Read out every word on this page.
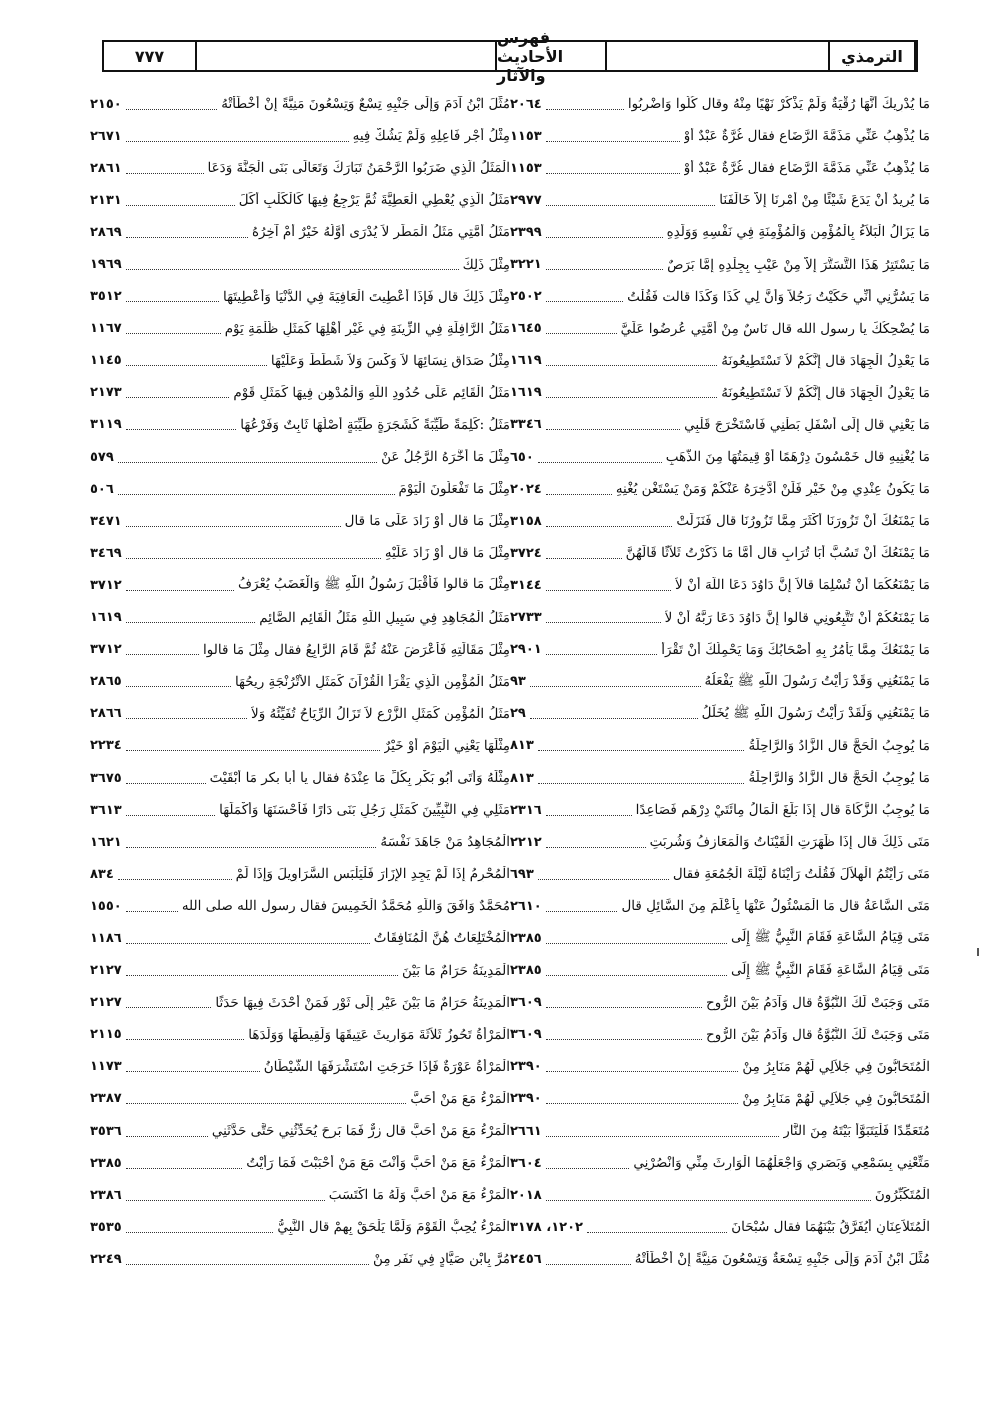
٧٧٧
فهرس الأحاديث والآثار
الترمذي
مَا يُدْرِيكَ أَنَّهَا رُقْيَةٌ وَلَمْ يَذْكُرْ نَهْيًا مِنْهُ وقال كُلُوا وَاضْرِبُوا
٢٠٦٤
مَا يُذْهِبُ عَنِّي مَذَمَّةَ الرَّضَاعِ فقال غُرَّةٌ عَبْدٌ أَوْ
١١٥٣
مَا يُذْهِبُ عَنِّي مَذَمَّةَ الرَّضَاعِ فقال غُرَّةٌ عَبْدٌ أَوْ
١١٥٣
مَا يُرِيدُ أَنْ يَدَعَ شَيْئًا مِنْ أَمْرِنَا إِلاَّ خَالَفَنَا
٢٩٧٧
مَا يَزَالُ الْبَلاَءُ بِالْمُؤْمِنِ وَالْمُؤْمِنَةِ فِي نَفْسِهِ وَوَلَدِهِ
٢٣٩٩
مَا يَسْتَتِرُ هَذَا التَّسَتُّرَ إِلاَّ مِنْ عَيْبٍ بِجِلْدِهِ إِمَّا بَرَصٌ
٣٢٢١
مَا يَسُرُّنِي أَنِّي حَكَيْتُ رَجُلاً وَأَنَّ لِي كَذَا وَكَذَا قالت فَقُلْتُ
٢٥٠٢
مَا يُضْحِكُكَ يا رسول الله قال نَاسٌ مِنْ أُمَّتِي عُرِضُوا عَلَيَّ
١٦٤٥
مَا يَعْدِلُ الْجِهَادَ قال إِنَّكُمْ لاَ تَسْتَطِيعُونَهُ
١٦١٩
مَا يَعْدِلُ الْجِهَادَ قال إِنَّكُمْ لاَ تَسْتَطِيعُونَهُ
١٦١٩
مَا يَعْنِي قال إِلَى أَسْفَلِ بَطْنِي فَاسْتَخْرَجَ قَلْبِي
٣٣٤٦
مَا يُغْنِيهِ قال خَمْسُونَ دِرْهَمًا أَوْ قِيمَتُهَا مِنَ الذَّهَبِ
٦٥٠
مَا يَكُونُ عِنْدِي مِنْ خَيْرٍ فَلَنْ أَدَّخِرَهُ عَنْكُمْ وَمَنْ يَسْتَغْنِ يُغْنِهِ
٢٠٢٤
مَا يَمْنَعُكَ أَنْ تَزُورَنَا أَكْثَرَ مِمَّا تَزُورُنَا قال فَنَزَلَتْ
٣١٥٨
مَا يَمْنَعُكَ أَنْ تَسُبَّ أَبَا تُرَابٍ قال أَمَّا مَا ذَكَرْتُ ثَلاَثًا قَالَهُنَّ
٣٧٢٤
مَا يَمْنَعُكُمَا أَنْ تُسْلِمَا قالاَ إِنَّ دَاوُدَ دَعَا اللَّهَ أَنْ لاَ
٣١٤٤
مَا يَمْنَعُكُمْ أَنْ تَتَّبِعُونِي قالوا إِنَّ دَاوُدَ دَعَا رَبَّهُ أَنْ لاَ
٢٧٣٣
مَا يَمْنَعُكَ مِمَّا يَأْمُرُ بِهِ أَصْحَابُكَ وَمَا يَحْمِلُكَ أَنْ تَقْرَأَ
٢٩٠١
مَا يَمْنَعُنِي وَقَدْ رَأَيْتُ رَسُولَ اللَّهِ ﷺ يَفْعَلُهُ
٩٣
مَا يَمْنَعُنِي وَلَقَدْ رَأَيْتُ رَسُولَ اللَّهِ ﷺ يُخَلِّلُ
٢٩
مَا يُوجِبُ الْحَجَّ قال الزَّادُ وَالرَّاحِلَةُ
٨١٣
مَا يُوجِبُ الْحَجَّ قال الزَّادُ وَالرَّاحِلَةُ
٨١٣
مَا يُوجِبُ الزَّكَاةَ قال إِذَا بَلَغَ الْمَالُ مِائَتَيْ دِرْهَمٍ فَصَاعِدًا
٢٣١٦
مَتَى ذَلِكَ قال إِذَا ظَهَرَتِ الْقَيْنَاتُ وَالْمَعَازِفُ وَشُرِبَتِ
٢٢١٢
مَتَى رَأَيْتُمُ الْهِلاَلَ فَقُلْتُ رَأَيْنَاهُ لَيْلَةَ الْجُمُعَةِ فقال
٦٩٣
مَتَى السَّاعَةُ قال مَا الْمَسْئُولُ عَنْهَا بِأَعْلَمَ مِنَ السَّائِلِ قال
٢٦١٠
مَتَى قِيَامُ السَّاعَةِ فَقَامَ النَّبِيُّ ﷺ إِلَى
٢٣٨٥
مَتَى قِيَامُ السَّاعَةِ فَقَامَ النَّبِيُّ ﷺ إِلَى
٢٣٨٥
مَتَى وَجَبَتْ لَكَ النُّبُوَّةُ قال وَآدَمُ بَيْنَ الرُّوحِ
٣٦٠٩
مَتَى وَجَبَتْ لَكَ النُّبُوَّةُ قال وَآدَمُ بَيْنَ الرُّوحِ
٣٦٠٩
الْمُتَحَابُّونَ فِي جَلاَلِي لَهُمْ مَنَابِرُ مِنْ
٢٣٩٠
الْمُتَحَابُّونَ فِي جَلاَلِي لَهُمْ مَنَابِرُ مِنْ
٢٣٩٠
مُتَعَمِّدًا فَلْيَتَبَوَّأْ بَيْتَهُ مِنَ النَّارِ
٢٦٦١
مَتِّعْنِي بِسَمْعِي وَبَصَرِي وَاجْعَلْهُمَا الْوَارِثَ مِنِّي وَانْصُرْنِي
٣٦٠٤
الْمُتَكَبِّرُونَ
٢٠١٨
الْمُتَلاَعِنَانِ أَيُفَرَّقُ بَيْنَهُمَا فقال سُبْحَانَ
١٢٠٢، ٣١٧٨
مُثِّلَ ابْنُ آدَمَ وَإِلَى جَنْبِهِ تِسْعَةٌ وَتِسْعُونَ مَنِيَّةً إِنْ أَخْطَأَتْهُ
٢٤٥٦
مُثِّلَ ابْنُ آدَمَ وَإِلَى جَنْبِهِ تِسْعٌ وَتِسْعُونَ مَنِيَّةً إِنْ أَخْطَأَتْهُ
٢١٥٠
مِثْلُ أَجْرِ فَاعِلِهِ وَلَمْ يَشُكَّ فِيهِ
٢٦٧١
الْمَثَلُ الَّذِي ضَرَبُوا الرَّحْمَنُ تَبَارَكَ وَتَعَالَى بَنَى الْجَنَّةَ وَدَعَا
٢٨٦١
مَثَلُ الَّذِي يُعْطِي الْعَطِيَّةَ ثُمَّ يَرْجِعُ فِيهَا كَالْكَلْبِ أَكَلَ
٢١٣١
مَثَلُ أُمَّتِي مَثَلُ الْمَطَرِ لاَ يُدْرَى أَوَّلُهُ خَيْرٌ أَمْ آخِرُهُ
٢٨٦٩
مِثْلَ ذَلِكَ
١٩٦٩
مِثْلَ ذَلِكَ قال فَإِذَا أُعْطِيتَ الْعَافِيَةَ فِي الدُّنْيَا وَأُعْطِيتَهَا
٣٥١٢
مَثَلُ الرَّافِلَةِ فِي الزِّينَةِ فِي غَيْرِ أَهْلِهَا كَمَثَلِ ظُلْمَةِ يَوْمِ
١١٦٧
مِثْلُ صَدَاقِ نِسَائِهَا لاَ وَكْسَ وَلاَ شَطَطَ وَعَلَيْهَا
١١٤٥
مَثَلُ الْقَائِمِ عَلَى حُدُودِ اللَّهِ وَالْمُدْهِنِ فِيهَا كَمَثَلِ قَوْمٍ
٢١٧٣
مَثَلُ :كَلِمَةً طَيِّبَةً كَشَجَرَةٍ طَيِّبَةٍ أَصْلُهَا ثَابِتٌ وَفَرْعُهَا
٣١١٩
مِثْلَ مَا أَخَّرَهُ الرَّجُلُ عَنْ
٥٧٩
مِثْلَ مَا تَفْعَلُونَ الْيَوْمَ
٥٠٦
مِثْلَ مَا قال أَوْ زَادَ عَلَى مَا قال
٣٤٧١
مِثْلَ مَا قال أَوْ زَادَ عَلَيْهِ
٣٤٦٩
مِثْلَ مَا قالوا فَأَقْبَلَ رَسُولُ اللَّهِ ﷺ وَالْغَضَبُ يُعْرَفُ
٣٧١٢
مَثَلُ الْمُجَاهِدِ فِي سَبِيلِ اللَّهِ مَثَلُ الْقَائِمِ الصَّائِمِ
١٦١٩
مِثْلَ مَقَالَتِهِ فَأَعْرَضَ عَنْهُ ثُمَّ قَامَ الرَّابِعُ فقال مِثْلَ مَا قالوا
٣٧١٢
مَثَلُ الْمُؤْمِنِ الَّذِي يَقْرَأُ الْقُرْآنَ كَمَثَلِ الأُتْرُنْجَةِ رِيحُهَا
٢٨٦٥
مَثَلُ الْمُؤْمِنِ كَمَثَلِ الزَّرْعِ لاَ تَزَالُ الرِّيَاحُ تُفَيِّئُهُ وَلاَ
٢٨٦٦
مِثْلَهَا يَعْنِي الْيَوْمَ أَوْ خَيْرٌ
٢٢٣٤
مِثْلَهُ وَأَتَى أَبُو بَكْرٍ بِكُلِّ مَا عِنْدَهُ فقال يا أبا بكر مَا أَبْقَيْتَ
٣٦٧٥
مَثَلِي فِي النَّبِيِّينَ كَمَثَلِ رَجُلٍ بَنَى دَارًا فَأَحْسَنَهَا وَأَكْمَلَهَا
٣٦١٣
الْمُجَاهِدُ مَنْ جَاهَدَ نَفْسَهُ
١٦٢١
الْمُحْرِمُ إِذَا لَمْ يَجِدِ الإِزَارَ فَلْيَلْبَسِ السَّرَاوِيلَ وَإِذَا لَمْ
٨٣٤
مُحَمَّدٌ وَافَقَ وَاللَّهِ مُحَمَّدُ الْخَمِيسَ فقال رسول الله صلى الله
١٥٥٠
الْمُخْتَلِعَاتُ هُنَّ الْمُنَافِقَاتُ
١١٨٦
الْمَدِينَةُ حَرَامٌ مَا بَيْنَ
٢١٢٧
الْمَدِينَةُ حَرَامٌ مَا بَيْنَ عَيْرٍ إِلَى ثَوْرٍ فَمَنْ أَحْدَثَ فِيهَا حَدَثًا
٢١٢٧
الْمَرْأَةُ تَحُوزُ ثَلاَثَةَ مَوَارِيثَ عَتِيقَهَا وَلَقِيطَهَا وَوَلَدَهَا
٢١١٥
الْمَرْأَةُ عَوْرَةٌ فَإِذَا خَرَجَتِ اسْتَشْرَفَهَا الشَّيْطَانُ
١١٧٣
الْمَرْءُ مَعَ مَنْ أَحَبَّ
٢٣٨٧
الْمَرْءُ مَعَ مَنْ أَحَبَّ قال زِرٌّ فَمَا بَرِحَ يُحَدِّثُنِي حَتَّى حَدَّثَنِي
٣٥٣٦
الْمَرْءُ مَعَ مَنْ أَحَبَّ وَأَنْتَ مَعَ مَنْ أَحْبَبْتَ فَمَا رَأَيْتُ
٢٣٨٥
الْمَرْءُ مَعَ مَنْ أَحَبَّ وَلَهُ مَا اكْتَسَبَ
٢٣٨٦
الْمَرْءُ يُحِبُّ الْقَوْمَ وَلَمَّا يَلْحَقْ بِهِمْ قال النَّبِيُّ
٣٥٣٥
مُرَّ بِابْنِ صَيَّادٍ فِي نَفَرٍ مِنْ
٢٢٤٩
